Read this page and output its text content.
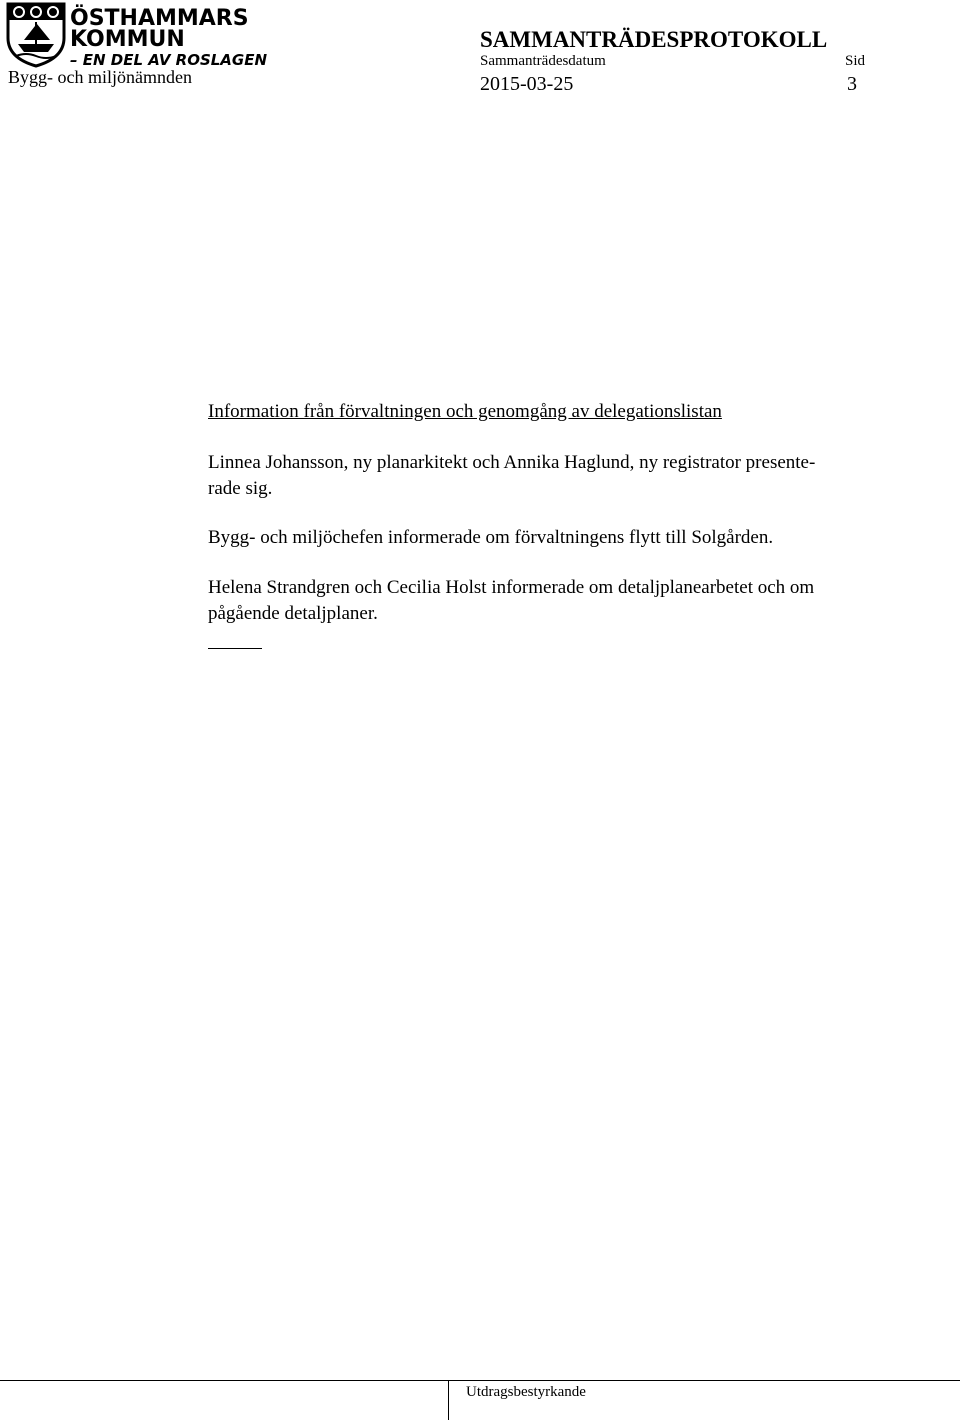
ÖSTHAMMARS
KOMMUN
– EN DEL AV ROSLAGEN
Bygg- och miljönämnden
SAMMANTRÄDESPROTOKOLL
Sammanträdesdatum	Sid
2015-03-25	3
Information från förvaltningen och genomgång av delegationslistan
Linnea Johansson, ny planarkitekt och Annika Haglund, ny registrator presente-
rade sig.
Bygg- och miljöchefen informerade om förvaltningens flytt till Solgården.
Helena Strandgren och Cecilia Holst informerade om detaljplanearbetet och om
pågående detaljplaner.
Utdragsbestyrkande
